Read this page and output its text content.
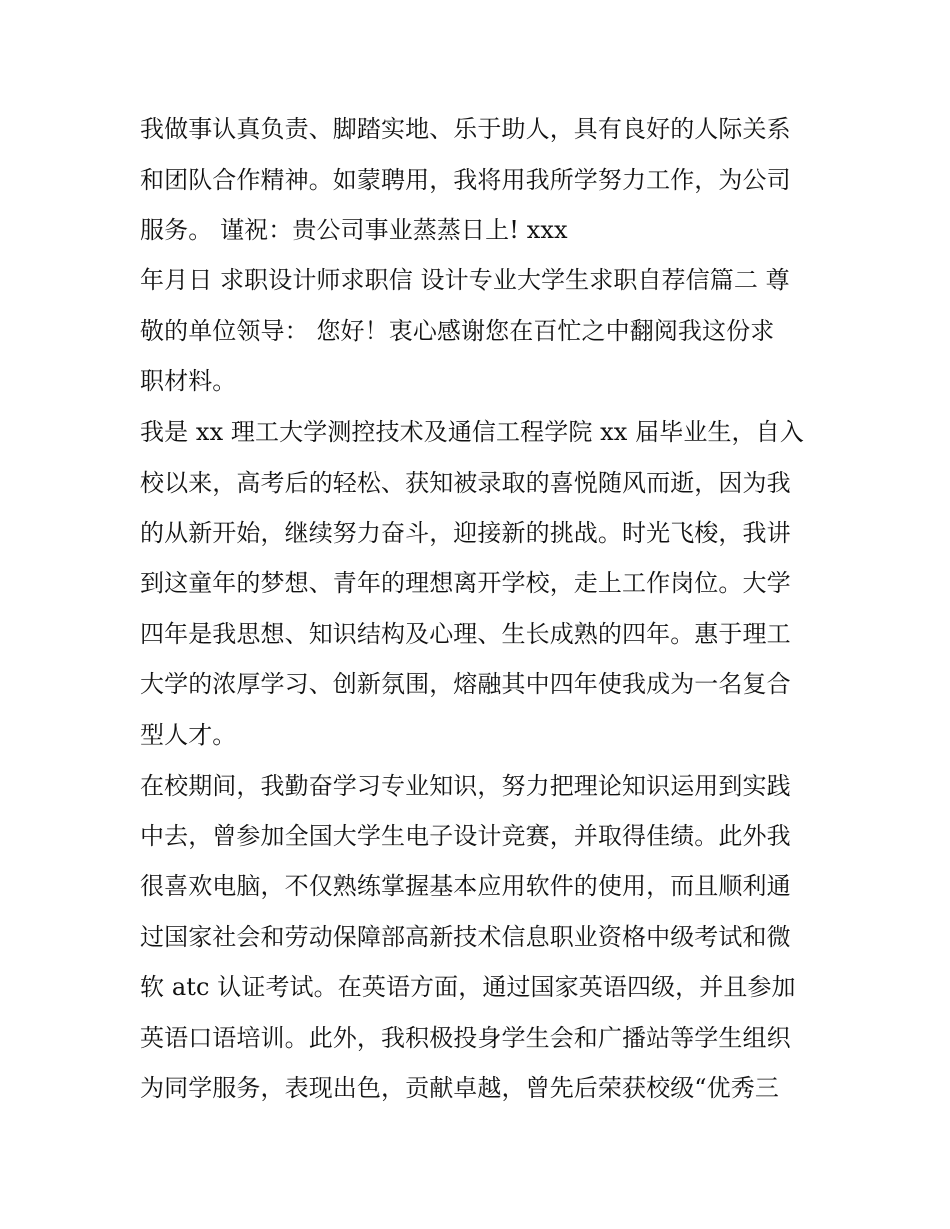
我做事认真负责、脚踏实地、乐于助人，具有良好的人际关系
和团队合作精神。如蒙聘用，我将用我所学努力工作，为公司
服务。 谨祝：贵公司事业蒸蒸日上! xxx
年月日 求职设计师求职信 设计专业大学生求职自荐信篇二 尊
敬的单位领导： 您好！衷心感谢您在百忙之中翻阅我这份求
职材料。
我是 xx 理工大学测控技术及通信工程学院 xx 届毕业生，自入
校以来，高考后的轻松、获知被录取的喜悦随风而逝，因为我
的从新开始，继续努力奋斗，迎接新的挑战。时光飞梭，我讲
到这童年的梦想、青年的理想离开学校，走上工作岗位。大学
四年是我思想、知识结构及心理、生长成熟的四年。惠于理工
大学的浓厚学习、创新氛围，熔融其中四年使我成为一名复合
型人才。
在校期间，我勤奋学习专业知识，努力把理论知识运用到实践
中去，曾参加全国大学生电子设计竞赛，并取得佳绩。此外我
很喜欢电脑，不仅熟练掌握基本应用软件的使用，而且顺利通
过国家社会和劳动保障部高新技术信息职业资格中级考试和微
软 atc 认证考试。在英语方面，通过国家英语四级，并且参加
英语口语培训。此外，我积极投身学生会和广播站等学生组织
为同学服务，表现出色，贡献卓越，曾先后荣获校级“优秀三
